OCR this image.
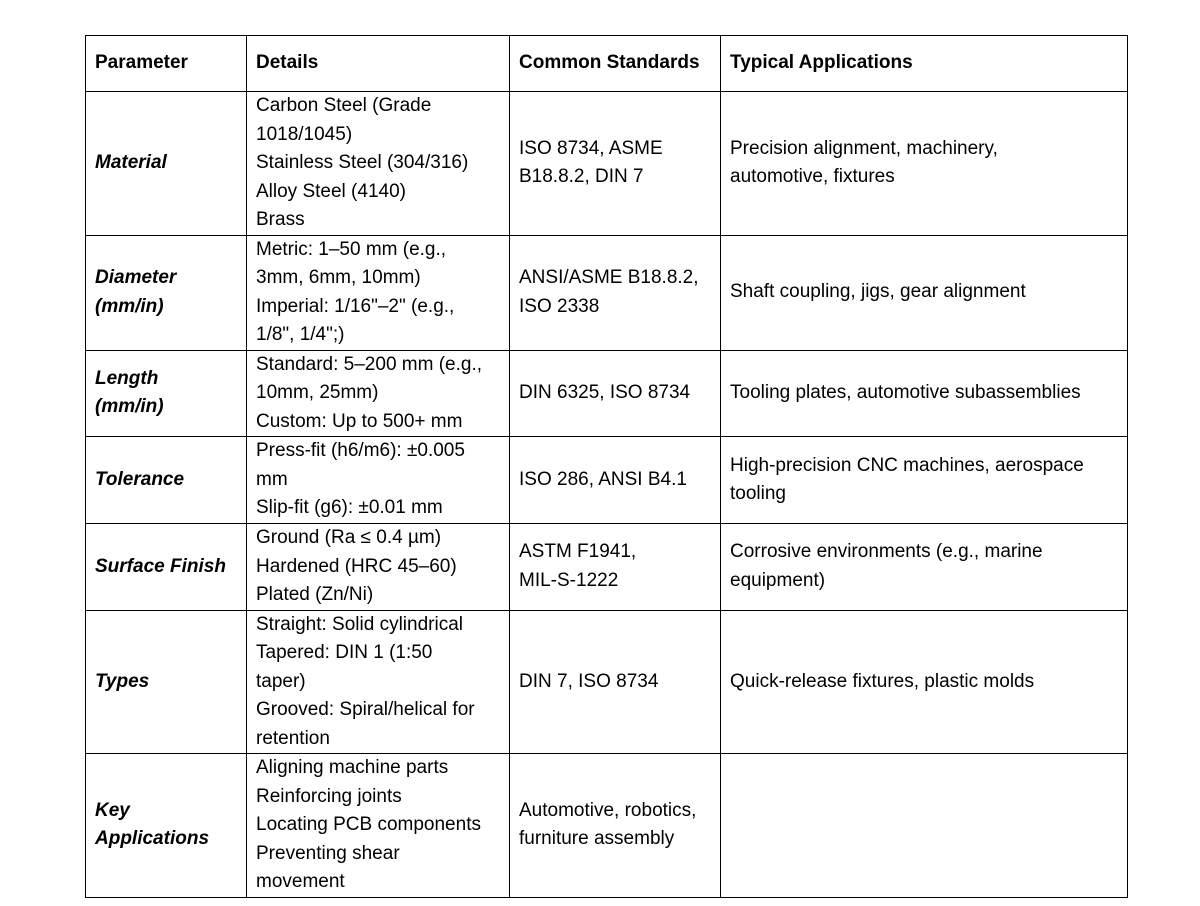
Parameter	Details	Common Standards	Typical Applications

Material	Carbon Steel (Grade
1018/1045)
Stainless Steel (304/316)
Alloy Steel (4140)
Brass	ISO 8734, ASME
B18.8.2, DIN 7	Precision alignment, machinery,
automotive, fixtures

Diameter
(mm/in)	Metric: 1–50 mm (e.g.,
3mm, 6mm, 10mm)
Imperial: 1/16"–2" (e.g.,
1/8", 1/4";)	ANSI/ASME B18.8.2,
ISO 2338	Shaft coupling, jigs, gear alignment

Length
(mm/in)	Standard: 5–200 mm (e.g.,
10mm, 25mm)
Custom: Up to 500+ mm	DIN 6325, ISO 8734	Tooling plates, automotive subassemblies

Tolerance	Press-fit (h6/m6): ±0.005
mm
Slip-fit (g6): ±0.01 mm	ISO 286, ANSI B4.1	High-precision CNC machines, aerospace
tooling

Surface Finish	Ground (Ra ≤ 0.4 µm)
Hardened (HRC 45–60)
Plated (Zn/Ni)	ASTM F1941,
MIL-S-1222	Corrosive environments (e.g., marine
equipment)

Types	Straight: Solid cylindrical
Tapered: DIN 1 (1:50
taper)
Grooved: Spiral/helical for
retention	DIN 7, ISO 8734	Quick-release fixtures, plastic molds

Key
Applications	Aligning machine parts
Reinforcing joints
Locating PCB components
Preventing shear
movement	Automotive, robotics,
furniture assembly	
